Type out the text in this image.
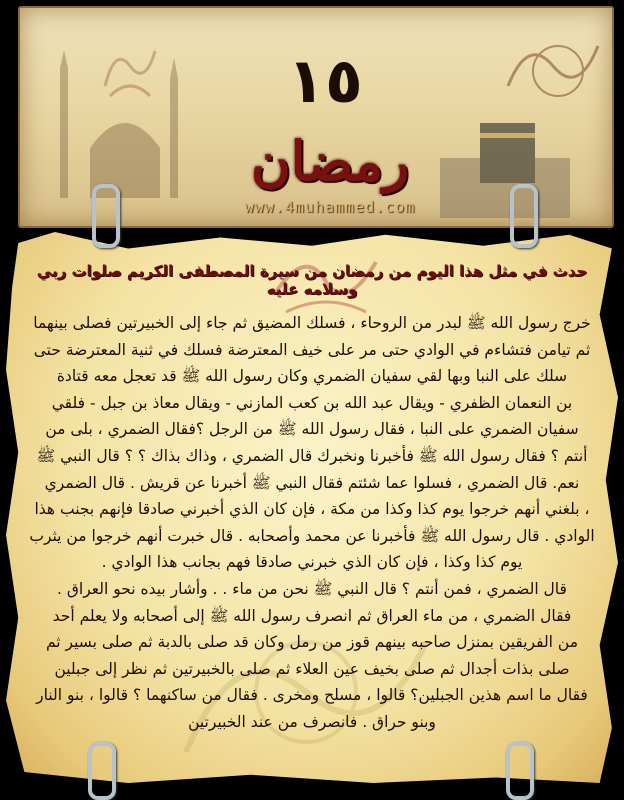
١٥
رمضان
www.4muhammed.com
حدث في مثل هذا اليوم من رمضان من سيرة المصطفى الكريم صلوات ربي وسلامه عليه
خرج رسول الله ﷺ لبدر من الروحاء ، فسلك المضيق ثم جاء إلى الخبيرتين فصلى بينهما
ثم تيامن فتشاءم في الوادي حتى مر على خيف المعترضة فسلك في ثنية المعترضة حتى
سلك على النبا وبها لقي سفيان الضمري وكان رسول الله ﷺ قد تعجل معه قتادة
بن النعمان الظفري - ويقال عبد الله بن كعب المازني - ويقال معاذ بن جبل - فلقي
سفيان الضمري على النبا ، فقال رسول الله ﷺ من الرجل ؟فقال الضمري ، بلى من
أنتم ؟ فقال رسول الله ﷺ فأخبرنا ونخبرك قال الضمري ، وذاك بذاك ؟ ؟ قال النبي ﷺ
نعم. قال الضمري ، فسلوا عما شئتم فقال النبي ﷺ أخبرنا عن قريش . قال الضمري
، بلغني أنهم خرجوا يوم كذا وكذا من مكة ، فإن كان الذي أخبرني صادقا فإنهم بجنب هذا
الوادي . قال رسول الله ﷺ فأخبرنا عن محمد وأصحابه . قال خبرت أنهم خرجوا من يثرب
يوم كذا وكذا ، فإن كان الذي خبرني صادقا فهم بجانب هذا الوادي .
قال الضمري ، فمن أنتم ؟ قال النبي ﷺ نحن من ماء . . وأشار بيده نحو العراق .
فقال الضمري ، من ماء العراق ثم انصرف رسول الله ﷺ إلى أصحابه ولا يعلم أحد
من الفريقين بمنزل صاحبه بينهم قوز من رمل وكان قد صلى بالدبة ثم صلى بسير ثم
صلى بذات أجدال ثم صلى بخيف عين العلاء ثم صلى بالخبيرتين ثم نظر إلى جبلين
فقال ما اسم هذين الجبلين؟ قالوا ، مسلح ومخرى . فقال من ساكنهما ؟ قالوا ، بنو النار
وبنو حراق . فانصرف من عند الخبيرتين
